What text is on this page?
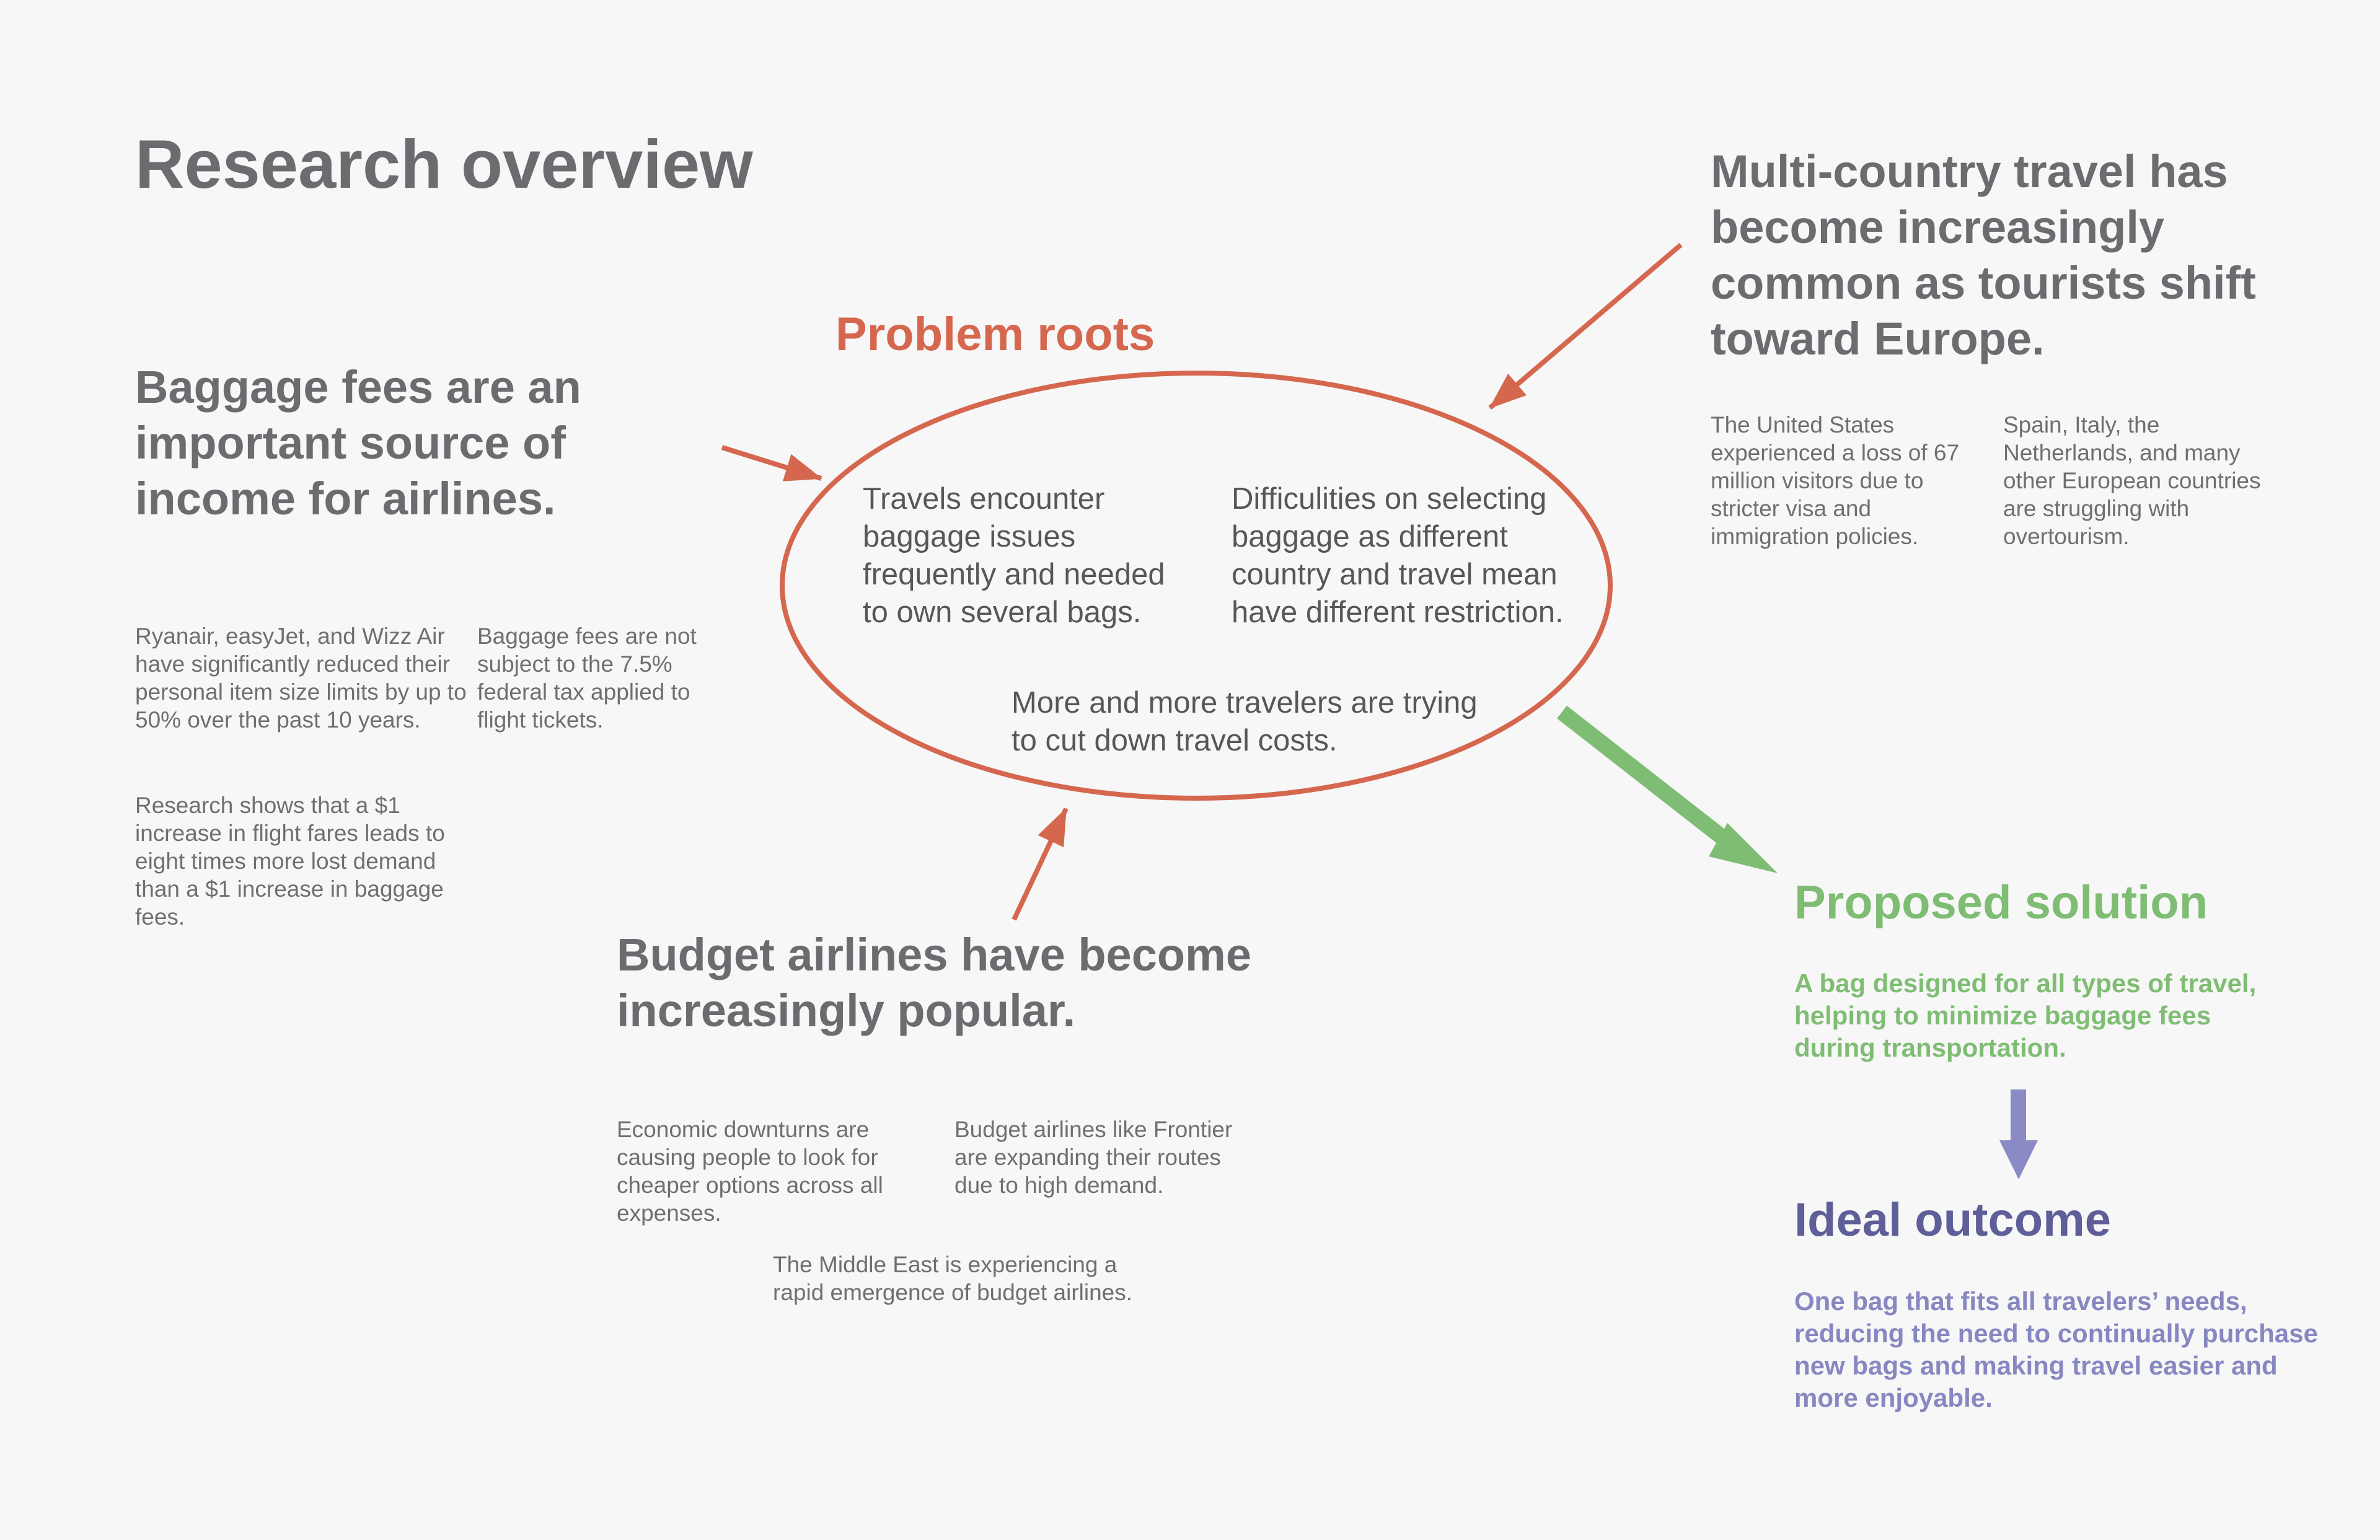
Research overview
Baggage fees are an important source of income for airlines.
Ryanair, easyJet, and Wizz Air have significantly reduced their personal item size limits by up to 50% over the past 10 years.
Baggage fees are not subject to the 7.5% federal tax applied to flight tickets.
Research shows that a $1 increase in flight fares leads to eight times more lost demand than a $1 increase in baggage fees.
Multi-country travel has become increasingly common as tourists shift toward Europe.
The United States experienced a loss of 67 million visitors due to stricter visa and immigration policies.
Spain, Italy, the Netherlands, and many other European countries are struggling with overtourism.
Problem roots
Travels encounter baggage issues frequently and needed to own several bags.
Difficulities on selecting baggage as different country and travel mean have different restriction.
More and more travelers are trying to cut down travel costs.
Budget airlines have become increasingly popular.
Economic downturns are causing people to look for cheaper options across all expenses.
Budget airlines like Frontier are expanding their routes due to high demand.
The Middle East is experiencing a rapid emergence of budget airlines.
Proposed solution
A bag designed for all types of travel, helping to minimize baggage fees during transportation.
Ideal outcome
One bag that fits all travelers’ needs, reducing the need to continually purchase new bags and making travel easier and more enjoyable.
